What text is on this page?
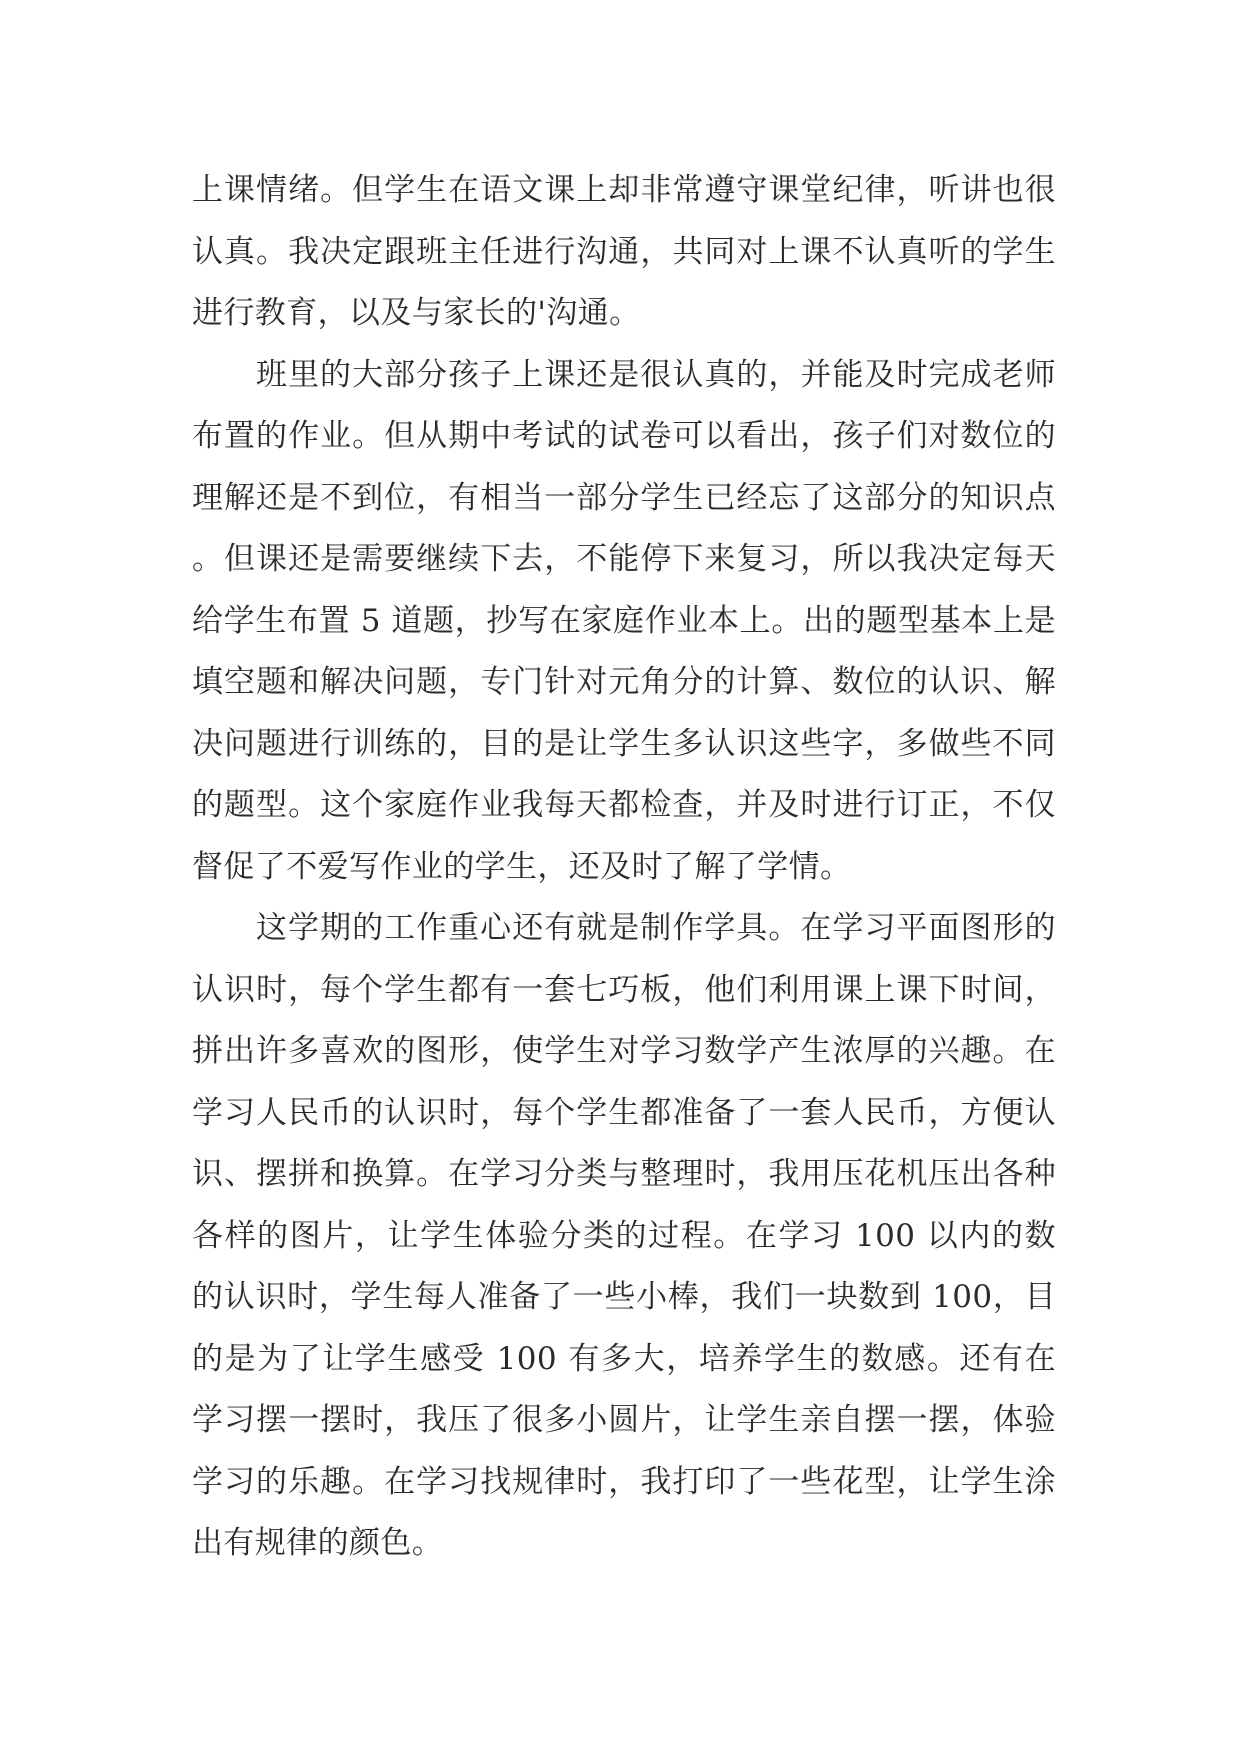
上课情绪。但学生在语文课上却非常遵守课堂纪律，听讲也很认真。我决定跟班主任进行沟通，共同对上课不认真听的学生进行教育，以及与家长的'沟通。

班里的大部分孩子上课还是很认真的，并能及时完成老师布置的作业。但从期中考试的试卷可以看出，孩子们对数位的理解还是不到位，有相当一部分学生已经忘了这部分的知识点。但课还是需要继续下去，不能停下来复习，所以我决定每天给学生布置 5 道题，抄写在家庭作业本上。出的题型基本上是填空题和解决问题，专门针对元角分的计算、数位的认识、解决问题进行训练的，目的是让学生多认识这些字，多做些不同的题型。这个家庭作业我每天都检查，并及时进行订正，不仅督促了不爱写作业的学生，还及时了解了学情。

这学期的工作重心还有就是制作学具。在学习平面图形的认识时，每个学生都有一套七巧板，他们利用课上课下时间，拼出许多喜欢的图形，使学生对学习数学产生浓厚的兴趣。在学习人民币的认识时，每个学生都准备了一套人民币，方便认识、摆拼和换算。在学习分类与整理时，我用压花机压出各种各样的图片，让学生体验分类的过程。在学习 100 以内的数的认识时，学生每人准备了一些小棒，我们一块数到 100，目的是为了让学生感受 100 有多大，培养学生的数感。还有在学习摆一摆时，我压了很多小圆片，让学生亲自摆一摆，体验学习的乐趣。在学习找规律时，我打印了一些花型，让学生涂出有规律的颜色。
